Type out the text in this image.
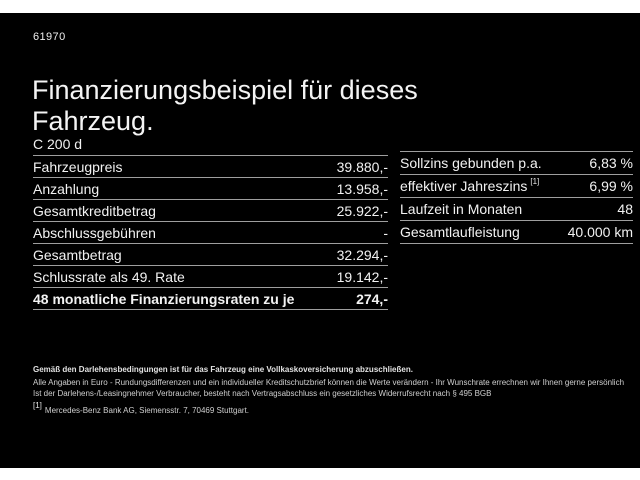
61970
Finanzierungsbeispiel für dieses Fahrzeug.
C 200 d
Fahrzeugpreis	39.880,-
Anzahlung	13.958,-
Gesamtkreditbetrag	25.922,-
Abschlussgebühren	-
Gesamtbetrag	32.294,-
Schlussrate als 49. Rate	19.142,-
48 monatliche Finanzierungsraten zu je	274,-
Sollzins gebunden p.a.	6,83 %
effektiver Jahreszins [1]	6,99 %
Laufzeit in Monaten	48
Gesamtlaufleistung	40.000 km

Gemäß den Darlehensbedingungen ist für das Fahrzeug eine Vollkaskoversicherung abzuschließen.

Alle Angaben in Euro - Rundungsdifferenzen und ein individueller Kreditschutzbrief können die Werte verändern - Ihr Wunschrate errechnen wir Ihnen gerne persönlich

Ist der Darlehens-/Leasingnehmer Verbraucher, besteht nach Vertragsabschluss ein gesetzliches Widerrufsrecht nach § 495 BGB

[1]Mercedes-Benz Bank AG, Siemensstr. 7, 70469 Stuttgart.
